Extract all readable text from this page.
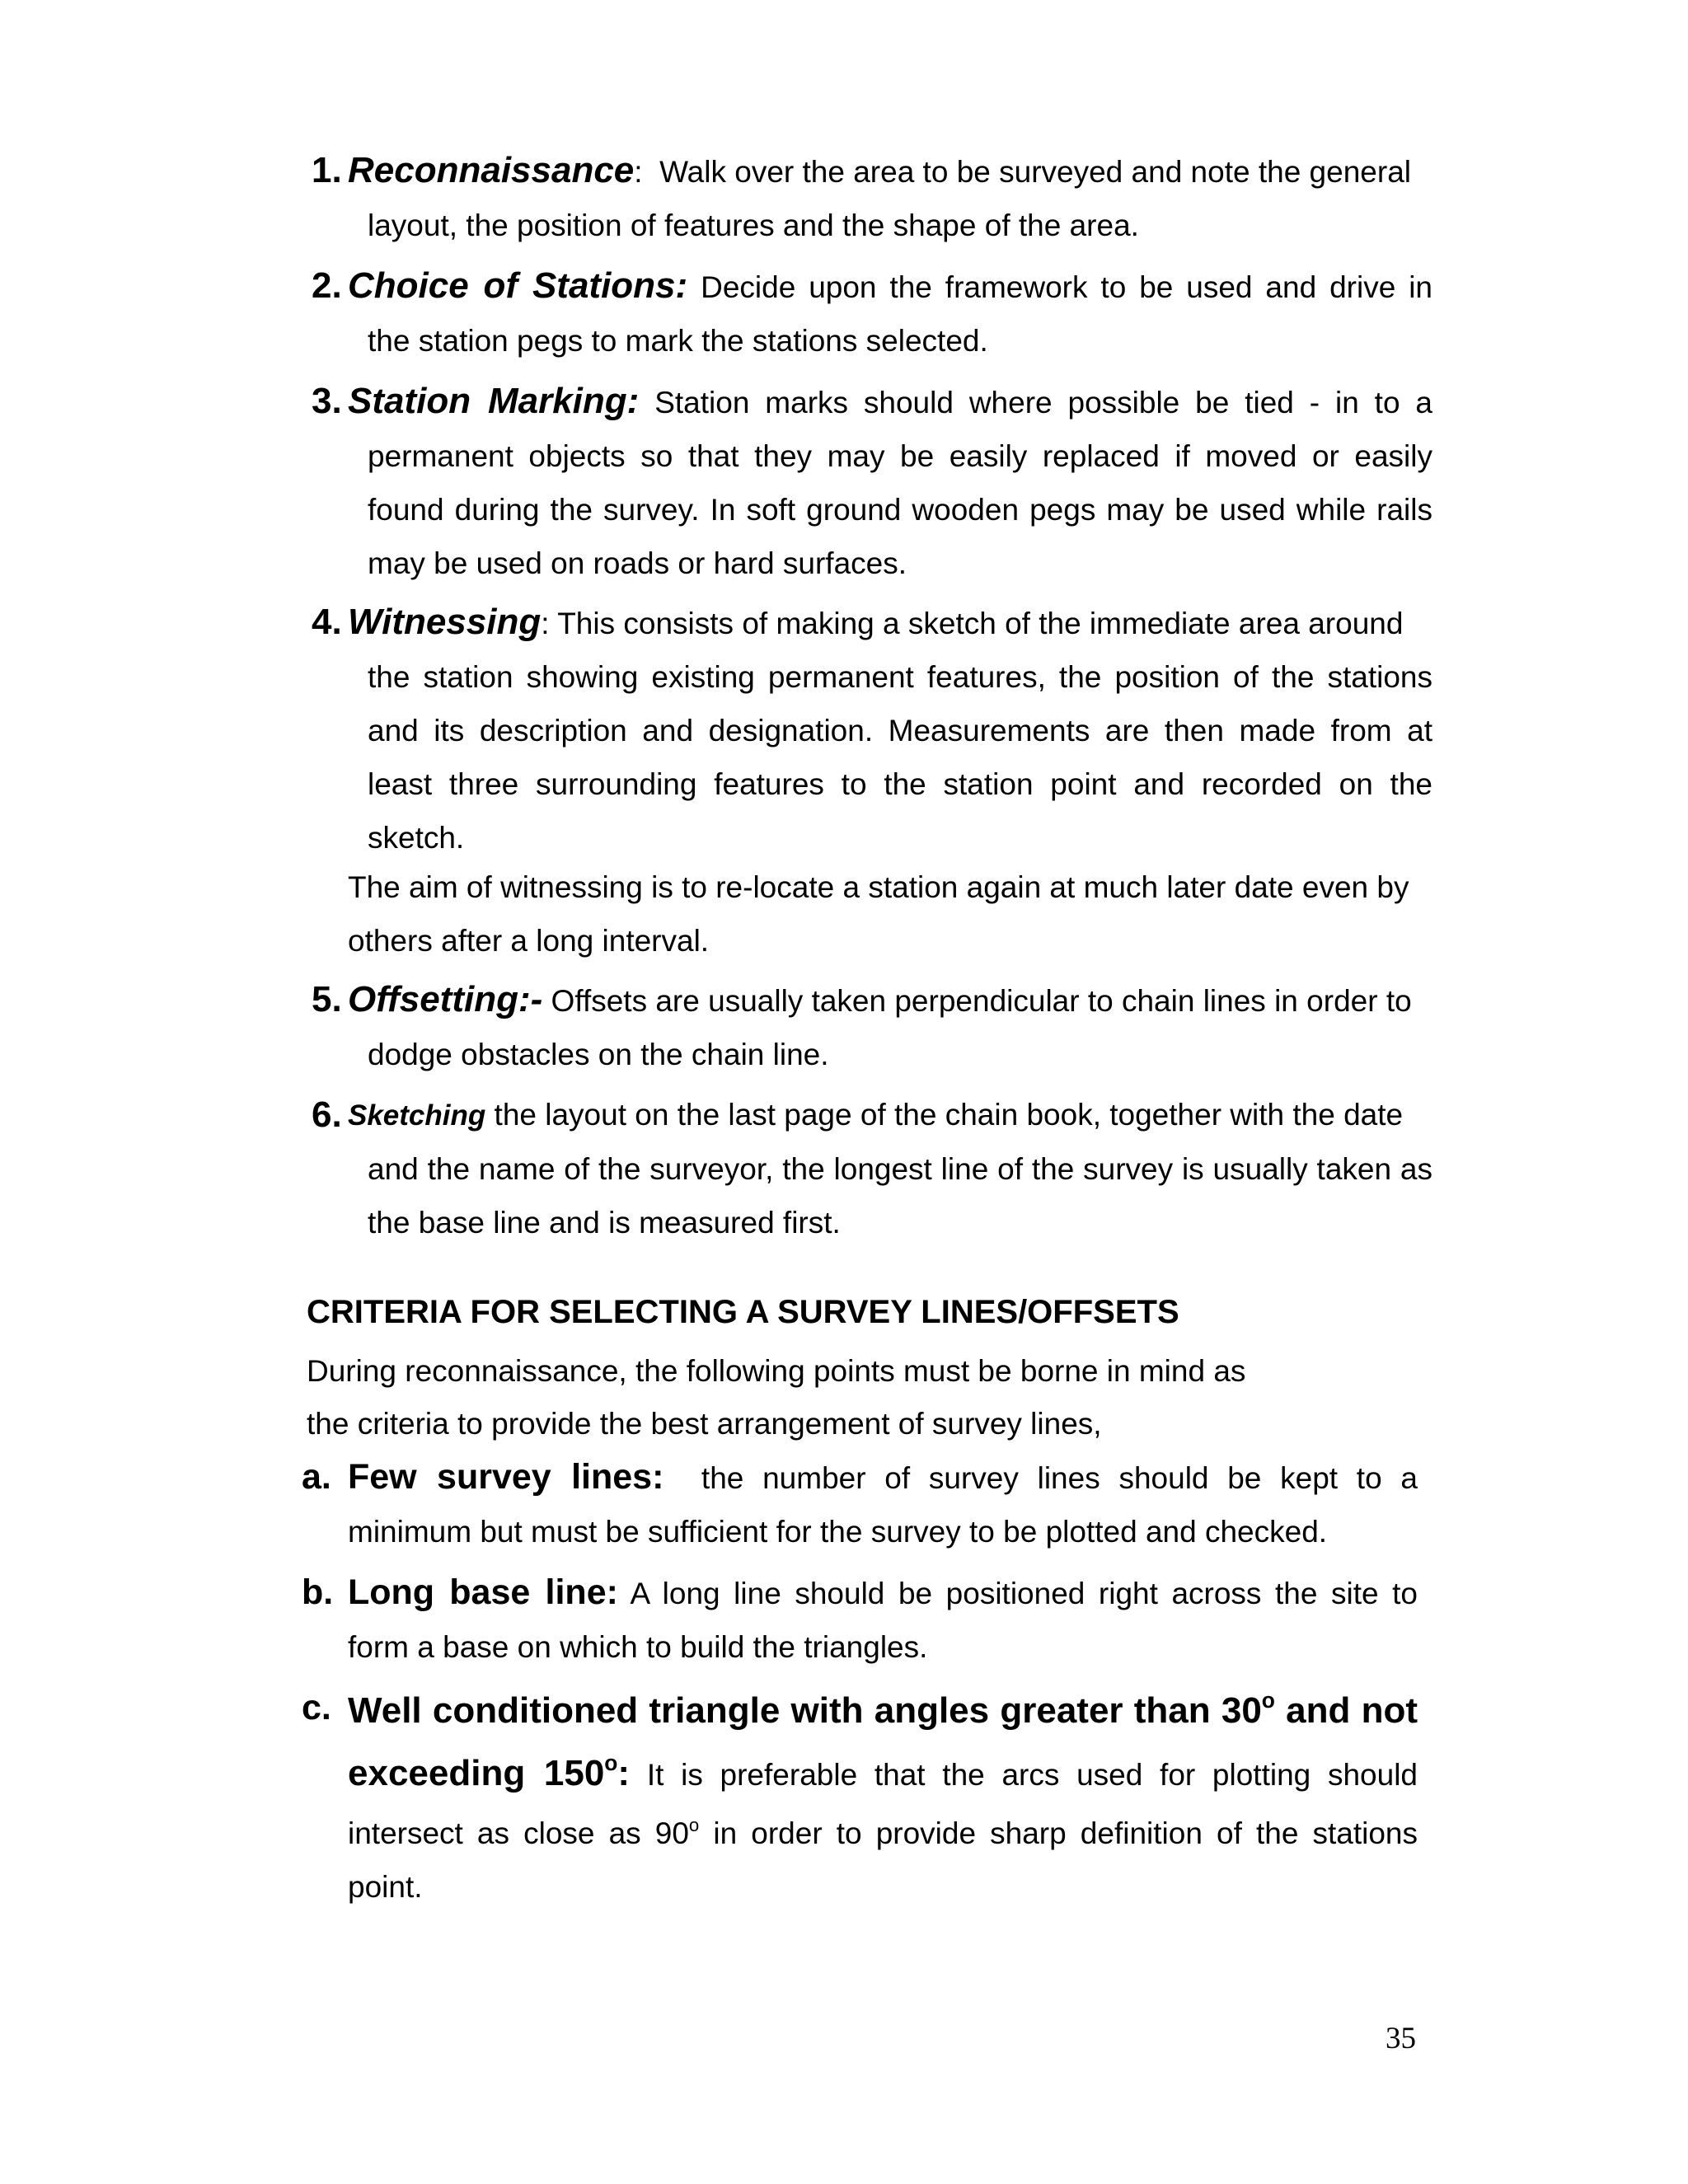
1. Reconnaissance: Walk over the area to be surveyed and note the general
layout, the position of features and the shape of the area.
2. Choice of Stations: Decide upon the framework to be used and drive in
the station pegs to mark the stations selected.
3. Station Marking: Station marks should where possible be tied - in to a
permanent objects so that they may be easily replaced if moved or easily found during the survey. In soft ground wooden pegs may be used while rails may be used on roads or hard surfaces.
4. Witnessing: This consists of making a sketch of the immediate area around
the station showing existing permanent features, the position of the stations and its description and designation. Measurements are then made from at least three surrounding features to the station point and recorded on the sketch.
The aim of witnessing is to re-locate a station again at much later date even by others after a long interval.
5. Offsetting:- Offsets are usually taken perpendicular to chain lines in order to
dodge obstacles on the chain line.
6. Sketching the layout on the last page of the chain book, together with the date
and the name of the surveyor, the longest line of the survey is usually taken as the base line and is measured first.
CRITERIA FOR SELECTING A SURVEY LINES/OFFSETS
During reconnaissance, the following points must be borne in mind as
the criteria to provide the best arrangement of survey lines,
a. Few survey lines: the number of survey lines should be kept to a
minimum but must be sufficient for the survey to be plotted and checked.
b. Long base line: A long line should be positioned right across the site to
form a base on which to build the triangles.
c. Well conditioned triangle with angles greater than 30$^o$ and not
exceeding 150$^o$: It is preferable that the arcs used for plotting should
intersect as close as 90$^o$ in order to provide sharp definition of the stations point.
35
